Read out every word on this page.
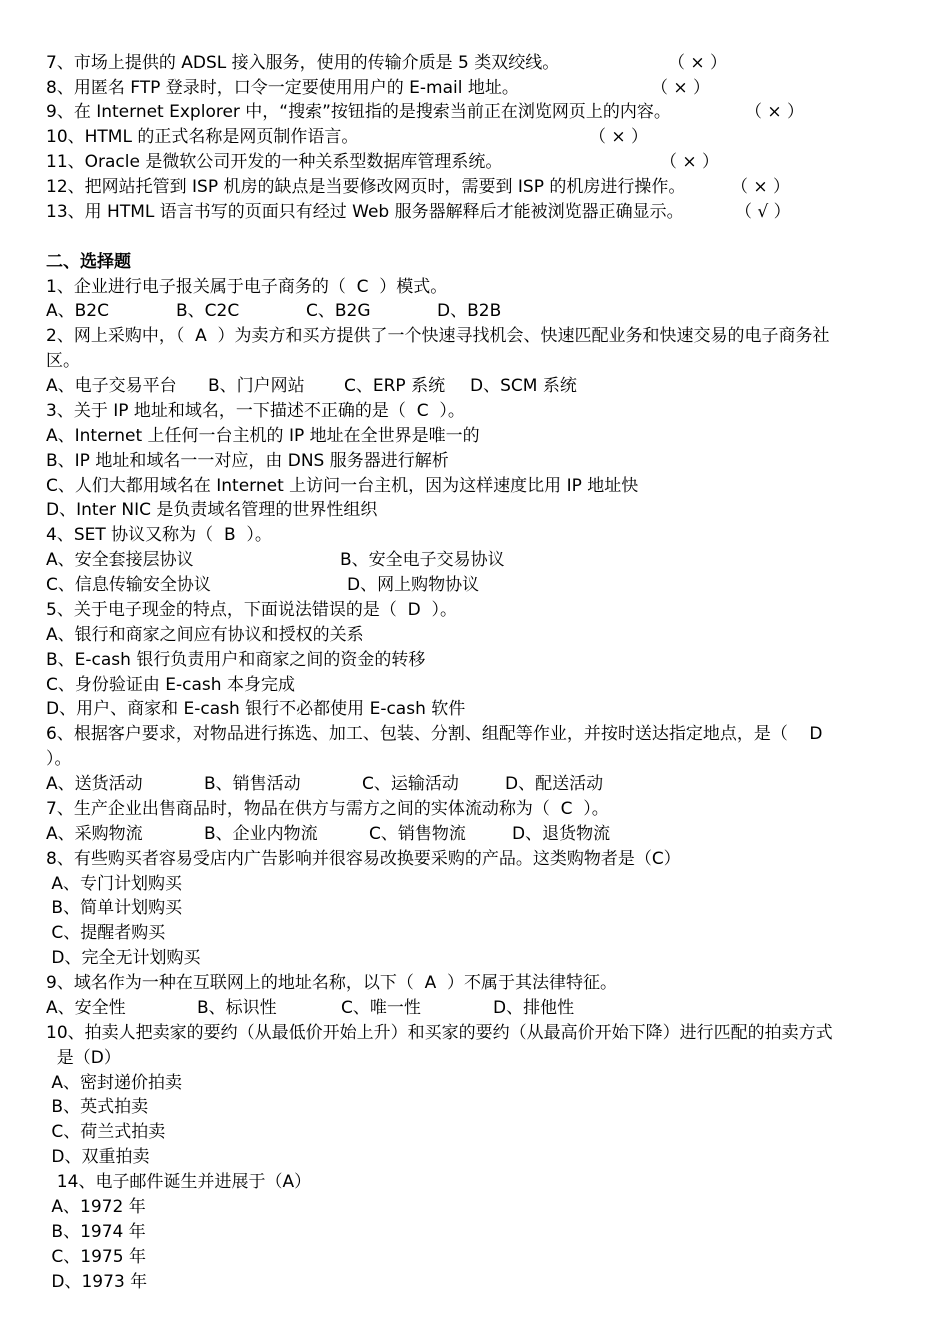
7、市场上提供的 ADSL 接入服务，使用的传输介质是 5 类双绞线。	（ × ）
8、用匿名 FTP 登录时，口令一定要使用用户的 E-mail 地址。	（ × ）
9、在 Internet Explorer 中，“搜索”按钮指的是搜索当前正在浏览网页上的内容。	（ × ）
10、HTML 的正式名称是网页制作语言。	（ × ）
11、Oracle 是微软公司开发的一种关系型数据库管理系统。	（ × ）
12、把网站托管到 ISP 机房的缺点是当要修改网页时，需要到 ISP 的机房进行操作。	（ × ）
13、用 HTML 语言书写的页面只有经过 Web 服务器解释后才能被浏览器正确显示。	（ √ ）
二、选择题
1、企业进行电子报关属于电子商务的（  C  ）模式。
A、B2C	B、C2C	C、B2G	D、B2B
2、网上采购中，（  A  ）为卖方和买方提供了一个快速寻找机会、快速匹配业务和快速交易的电子商务社
区。
A、电子交易平台 B、门户网站 C、ERP 系统 D、SCM 系统
3、关于 IP 地址和域名，一下描述不正确的是（  C  ）。
A、Internet 上任何一台主机的 IP 地址在全世界是唯一的
B、IP 地址和域名一一对应，由 DNS 服务器进行解析
C、人们大都用域名在 Internet 上访问一台主机，因为这样速度比用 IP 地址快
D、Inter NIC 是负责域名管理的世界性组织
4、SET 协议又称为（  B  ）。
A、安全套接层协议	B、安全电子交易协议
C、信息传输安全协议	D、网上购物协议
5、关于电子现金的特点，下面说法错误的是（  D  ）。
A、银行和商家之间应有协议和授权的关系
B、E-cash 银行负责用户和商家之间的资金的转移
C、身份验证由 E-cash 本身完成
D、用户、商家和 E-cash 银行不必都使用 E-cash 软件
6、根据客户要求，对物品进行拣选、加工、包装、分割、组配等作业，并按时送达指定地点，是（    D
）。
A、送货活动	B、销售活动	C、运输活动	D、配送活动
7、生产企业出售商品时，物品在供方与需方之间的实体流动称为（  C  ）。
A、采购物流	B、企业内物流	C、销售物流	D、退货物流
8、有些购买者容易受店内广告影响并很容易改换要采购的产品。这类购物者是（C）
A、专门计划购买
B、简单计划购买
C、提醒者购买
D、完全无计划购买
9、域名作为一种在互联网上的地址名称，以下（  A  ）不属于其法律特征。
A、安全性	B、标识性	C、唯一性	D、排他性
10、拍卖人把卖家的要约（从最低价开始上升）和买家的要约（从最高价开始下降）进行匹配的拍卖方式
是（D）
A、密封递价拍卖
B、英式拍卖
C、荷兰式拍卖
D、双重拍卖
14、电子邮件诞生并进展于（A）
A、1972 年
B、1974 年
C、1975 年
D、1973 年
